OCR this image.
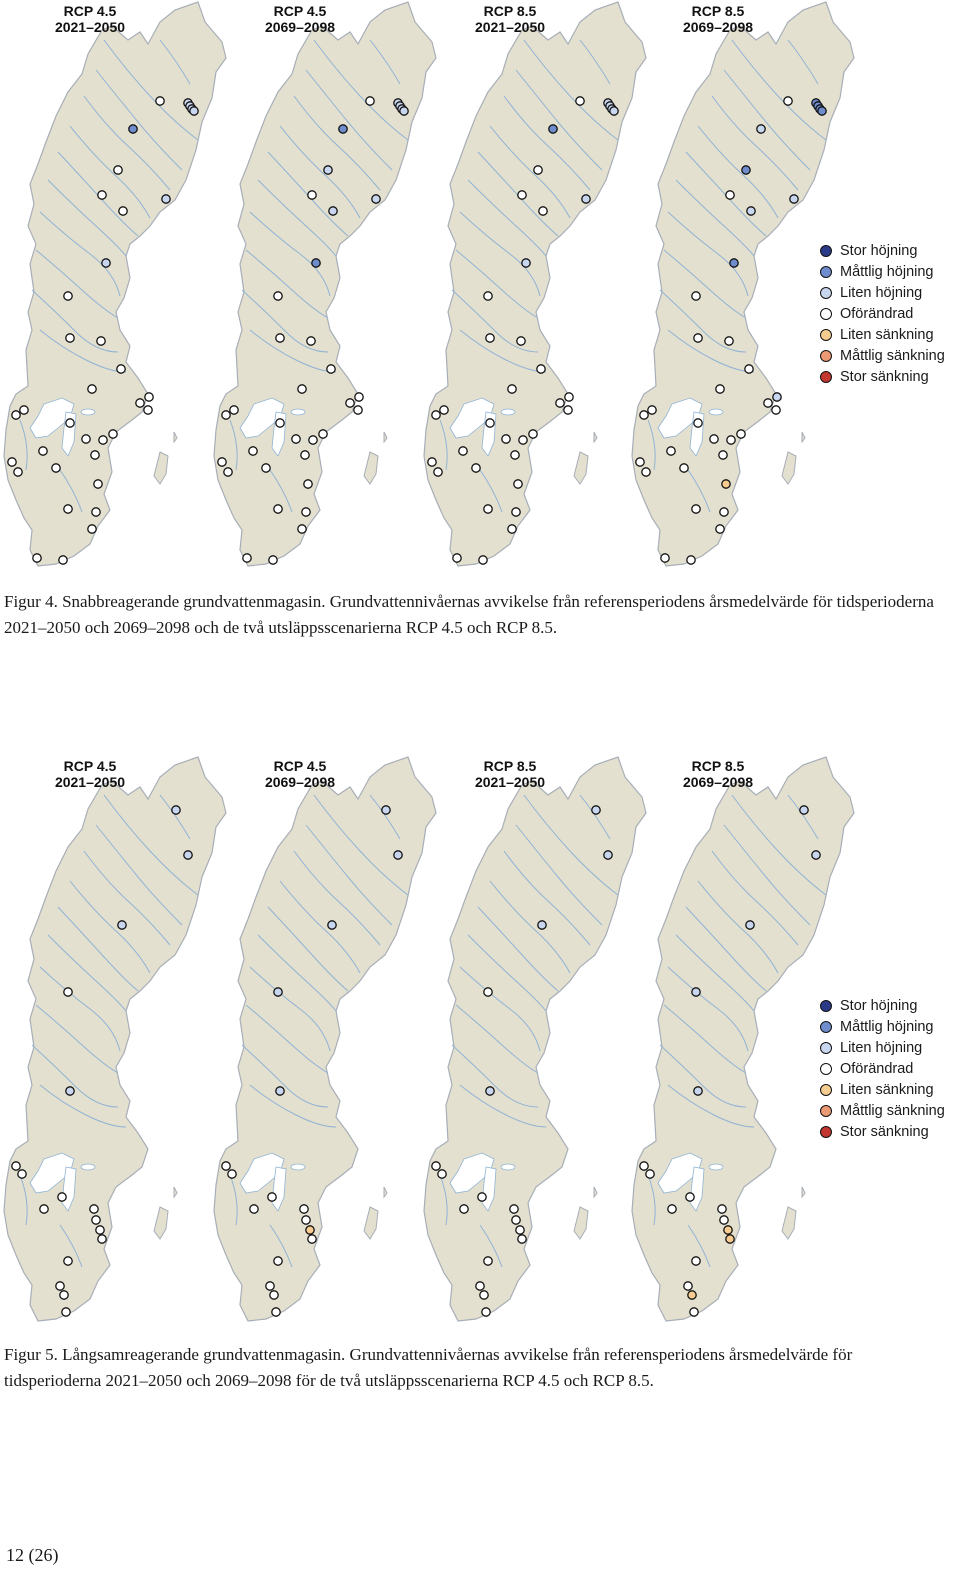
RCP 4.5
2021–2050
RCP 4.5
2069–2098
RCP 8.5
2021–2050
RCP 8.5
2069–2098
Stor höjning
Måttlig höjning
Liten höjning
Oförändrad
Liten sänkning
Måttlig sänkning
Stor sänkning
Figur 4. Snabbreagerande grundvattenmagasin. Grundvattennivåernas avvikelse från referensperiodens årsmedelvärde för tidsperioderna 2021–2050 och 2069–2098 och de två utsläppsscenarierna RCP 4.5 och RCP 8.5.
RCP 4.5
2021–2050
RCP 4.5
2069–2098
RCP 8.5
2021–2050
RCP 8.5
2069–2098
Stor höjning
Måttlig höjning
Liten höjning
Oförändrad
Liten sänkning
Måttlig sänkning
Stor sänkning
Figur 5. Långsamreagerande grundvattenmagasin. Grundvattennivåernas avvikelse från referensperiodens årsmedelvärde för tidsperioderna 2021–2050 och 2069–2098 för de två utsläppsscenarierna RCP 4.5 och RCP 8.5.
12 (26)
